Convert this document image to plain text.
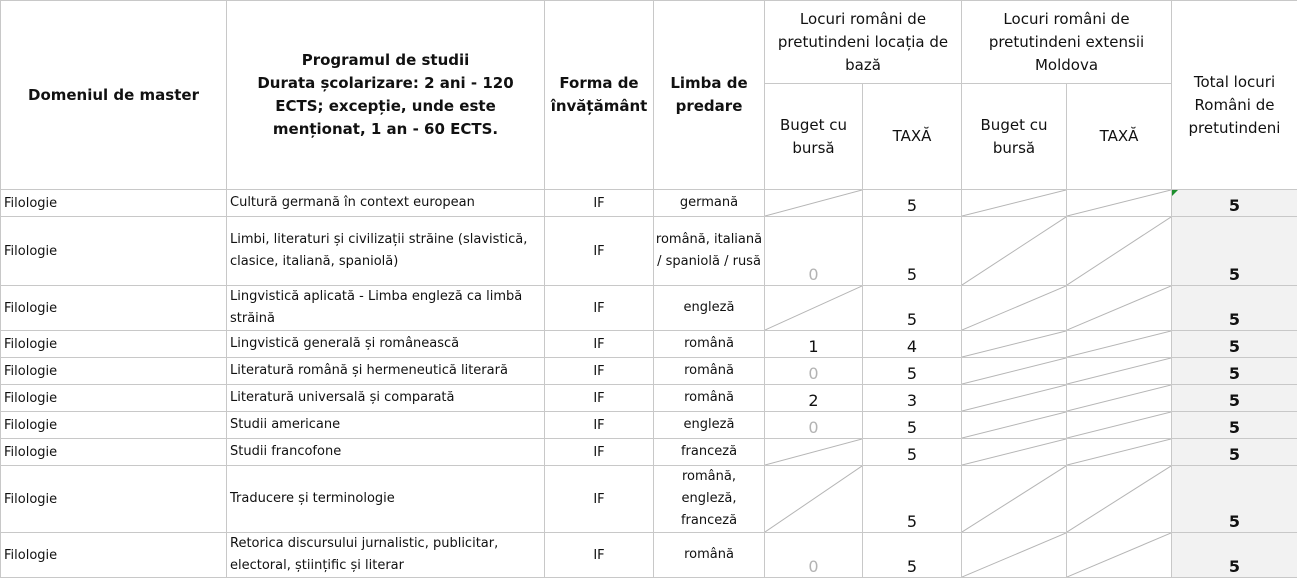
Domeniul de master	Programul de studii
Durata școlarizare: 2 ani - 120 ECTS; excepție, unde este menționat, 1 an - 60 ECTS.	Forma de învățământ	Limba de predare	Locuri români de pretutindeni locația de bază		Locuri români de pretutindeni extensii Moldova		Total locuri Români de pretutindeni
				Buget cu bursă	TAXĂ	Buget cu bursă	TAXĂ	
Filologie	Cultură germană în context european	IF	germană		5			5

Filologie	Limbi, literaturi și civilizații străine (slavistică, clasice, italiană, spaniolă)	IF	română, italiană / spaniolă / rusă	0	5			5
Filologie	Lingvistică aplicată - Limba engleză ca limbă străină	IF	engleză		5			5
Filologie	Lingvistică generală și românească	IF	română	1	4			5
Filologie	Literatură română și hermeneutică literară	IF	română	0	5			5
Filologie	Literatură universală și comparată	IF	română	2	3			5
Filologie	Studii americane	IF	engleză	0	5			5
Filologie	Studii francofone	IF	franceză		5			5
Filologie	Traducere și terminologie	IF	română, engleză, franceză		5			5
Filologie	Retorica discursului jurnalistic, publicitar, electoral, științific și literar	IF	română	0	5			5
